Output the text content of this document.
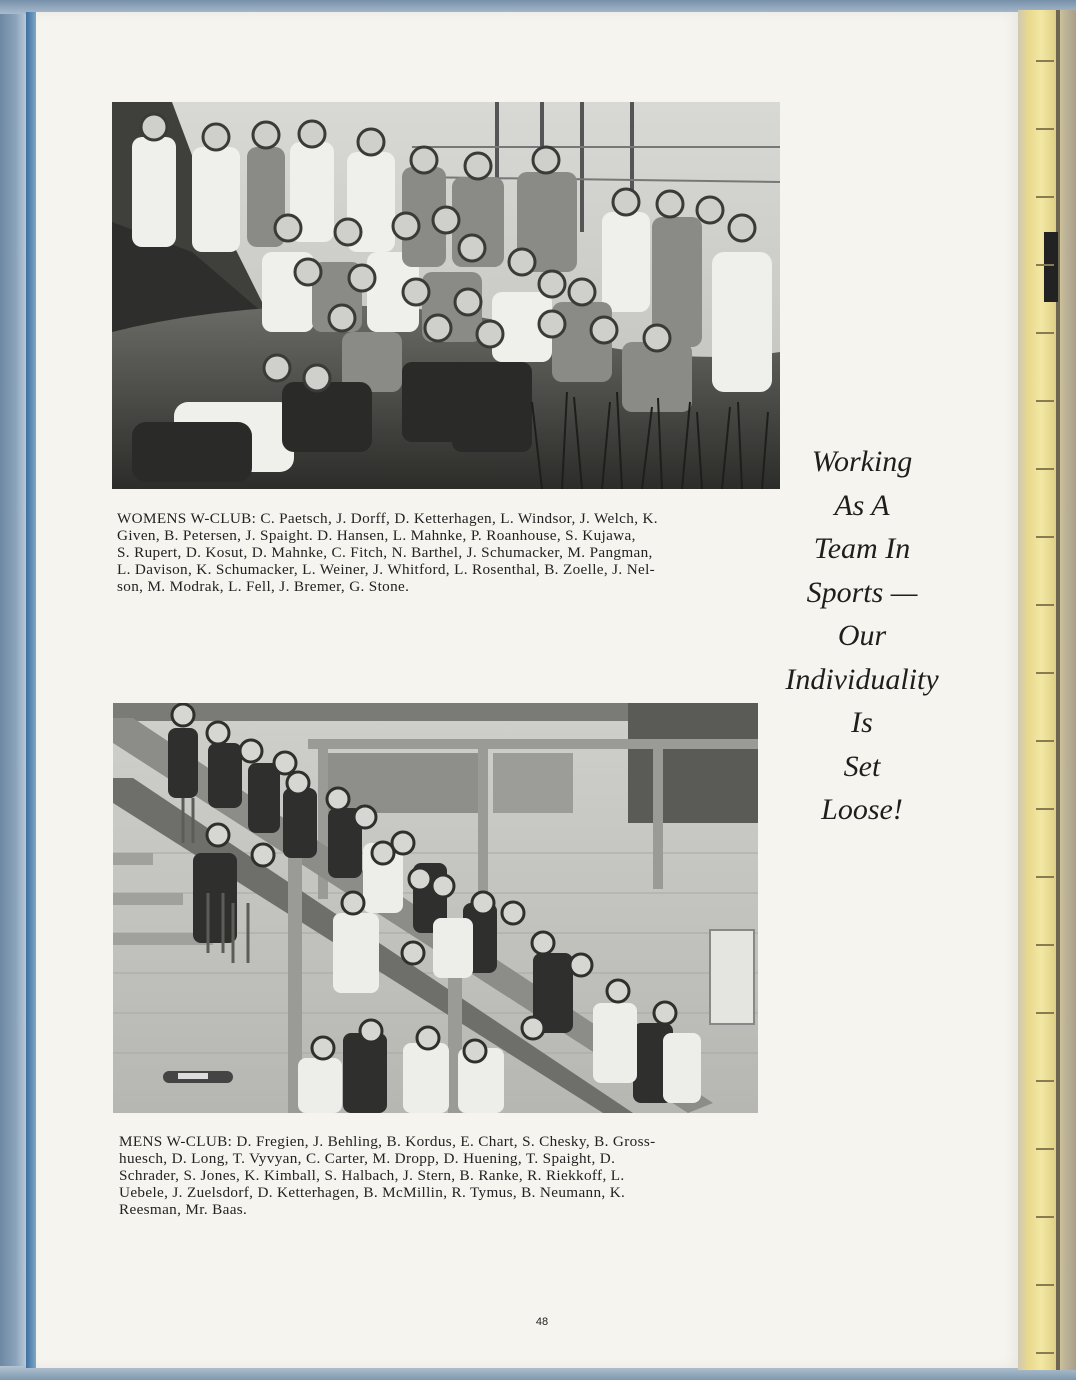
WOMENS W-CLUB: C. Paetsch, J. Dorff, D. Ketterhagen, L. Windsor, J. Welch, K.
Given, B. Petersen, J. Spaight. D. Hansen, L. Mahnke, P. Roanhouse, S. Kujawa,
S. Rupert, D. Kosut, D. Mahnke, C. Fitch, N. Barthel, J. Schumacker, M. Pangman,
L. Davison, K. Schumacker, L. Weiner, J. Whitford, L. Rosenthal, B. Zoelle, J. Nel-
son, M. Modrak, L. Fell, J. Bremer, G. Stone.

Working
As A
Team In
Sports —
Our
Individuality
Is
Set
Loose!

MENS W-CLUB: D. Fregien, J. Behling, B. Kordus, E. Chart, S. Chesky, B. Gross-
huesch, D. Long, T. Vyvyan, C. Carter, M. Dropp, D. Huening, T. Spaight, D.
Schrader, S. Jones, K. Kimball, S. Halbach, J. Stern, B. Ranke, R. Riekkoff, L.
Uebele, J. Zuelsdorf, D. Ketterhagen, B. McMillin, R. Tymus, B. Neumann, K.
Reesman, Mr. Baas.

48
